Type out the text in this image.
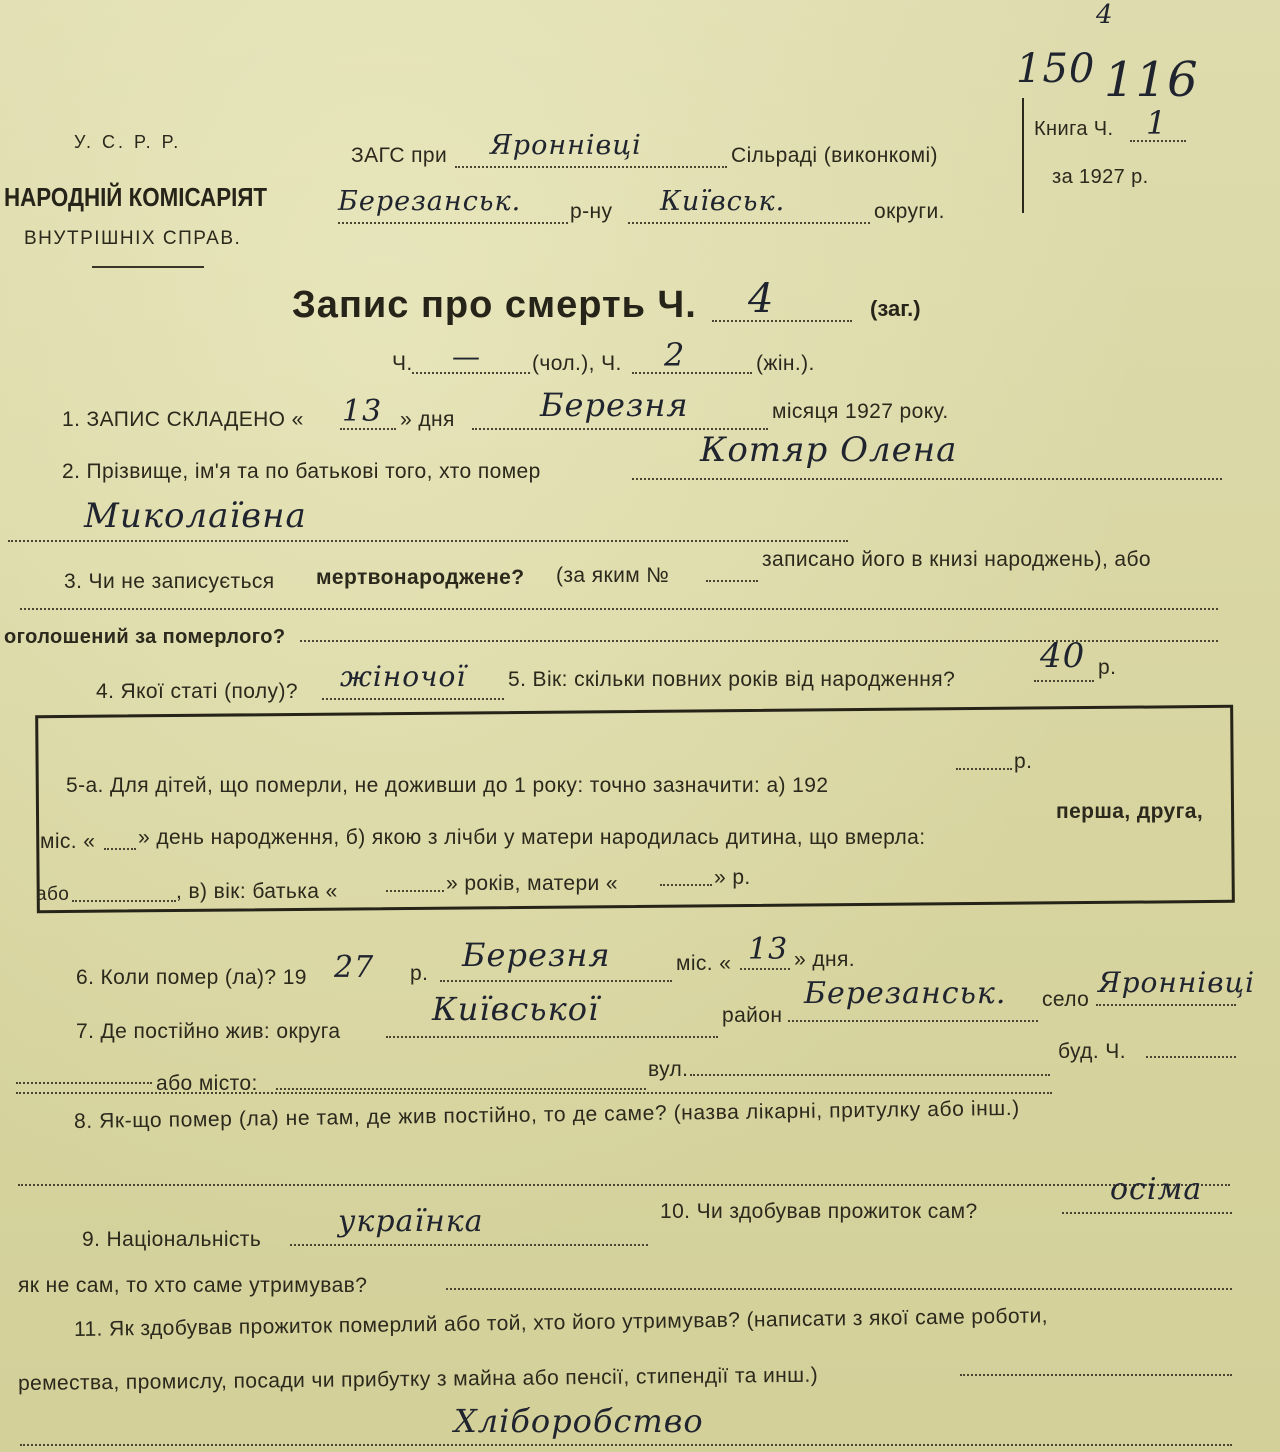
4
150 116
У. С. Р. Р.
НАРОДНІЙ КОМІСАРІЯТ
ВНУТРІШНІХ СПРАВ.
ЗАГС при Яроннівці	Сільраді (виконкомі)
Березанськ. р-ну Київськ.	округи.
Книга Ч. 1
за 1927 р.
Запис про смерть Ч. 4	(заг.)
Ч. — (чол.), Ч. 2	(жін.).
1. ЗАПИС СКЛАДЕНО « 13 » дня	Березня	місяця 1927 року.
2. Прізвище, ім'я та по батькові того, хто помер
Котяр Олена
Миколаївна
3. Чи не записується мертвонароджене? (за яким №
записано його в книзі народжень), або
оголошений за померлого?
4. Якої статі (полу)? жіночої 5. Вік: скільки повних років від народження?
40 р.
5-а. Для дітей, що померли, не доживши до 1 року: точно зазначити: а) 192
р.
міс. « » день народження, б) якою з лічби у матери народилась дитина, що вмерла:
перша, друга,
або	, в) вік: батька «	» років, матери «	» р.
6. Коли помер (ла)? 19 27 р. Березня	міс. « 13 » дня.
7. Де постійно жив: округа
Київської	район
Березанськ. село
Яроннівці
буд. Ч.
або місто:
вул.
8. Як-що помер (ла) не там, де жив постійно, то де саме? (назва лікарні, притулку або інш.)
9. Національність
українка	10. Чи здобував прожиток сам?
осіма
як не сам, то хто саме утримував?
11. Як здобував прожиток померлий або той, хто його утримував? (написати з якої саме роботи,
ремества, промислу, посади чи прибутку з майна або пенсії, стипендії та инш.)
Хліборобство
